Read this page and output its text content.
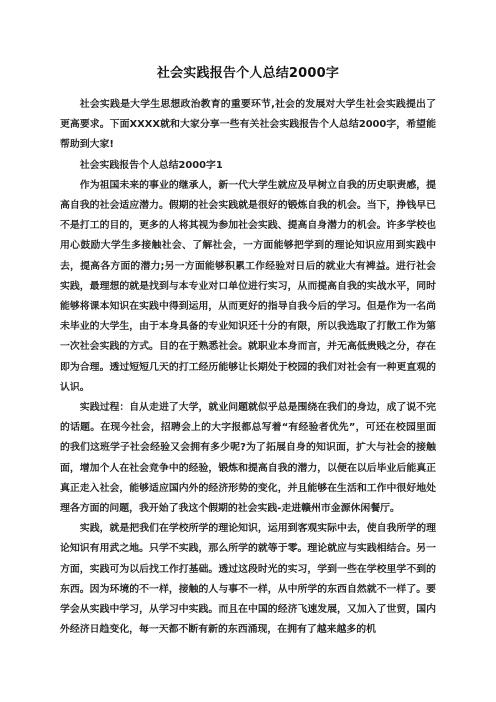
社会实践报告个人总结2000字

社会实践是大学生思想政治教育的重要环节,社会的发展对大学生社会实践提出了更高要求。下面XXXX就和大家分享一些有关社会实践报告个人总结2000字，希望能帮助到大家!

社会实践报告个人总结2000字1

作为祖国未来的事业的继承人，新一代大学生就应及早树立自我的历史职责感，提高自我的社会适应潜力。假期的社会实践就是很好的锻炼自我的机会。当下，挣钱早已不是打工的目的，更多的人将其视为参加社会实践、提高自身潜力的机会。许多学校也用心鼓励大学生多接触社会、了解社会，一方面能够把学到的理论知识应用到实践中去，提高各方面的潜力;另一方面能够积累工作经验对日后的就业大有裨益。进行社会实践，最理想的就是找到与本专业对口单位进行实习，从而提高自我的实战水平，同时能够将课本知识在实践中得到运用，从而更好的指导自我今后的学习。但是作为一名尚未毕业的大学生，由于本身具备的专业知识还十分的有限，所以我选取了打散工作为第一次社会实践的方式。目的在于熟悉社会。就职业本身而言，并无高低贵贱之分，存在即为合理。透过短短几天的打工经历能够让长期处于校园的我们对社会有一种更直观的认识。

实践过程：自从走进了大学，就业问题就似乎总是围绕在我们的身边，成了说不完的话题。在现今社会，招聘会上的大字报都总写着“有经验者优先”，可还在校园里面的我们这班学子社会经验又会拥有多少呢?为了拓展自身的知识面，扩大与社会的接触面，增加个人在社会竞争中的经验，锻炼和提高自我的潜力，以便在以后毕业后能真正真正走入社会，能够适应国内外的经济形势的变化，并且能够在生活和工作中很好地处理各方面的问题，我开始了我这个假期的社会实践-走进赣州市金源休闲餐厅。

实践，就是把我们在学校所学的理论知识，运用到客观实际中去，使自我所学的理论知识有用武之地。只学不实践，那么所学的就等于零。理论就应与实践相结合。另一方面，实践可为以后找工作打基础。透过这段时光的实习，学到一些在学校里学不到的东西。因为环境的不一样，接触的人与事不一样，从中所学的东西自然就不一样了。要学会从实践中学习，从学习中实践。而且在中国的经济飞速发展，又加入了世贸，国内外经济日趋变化，每一天都不断有新的东西涌现，在拥有了越来越多的机
